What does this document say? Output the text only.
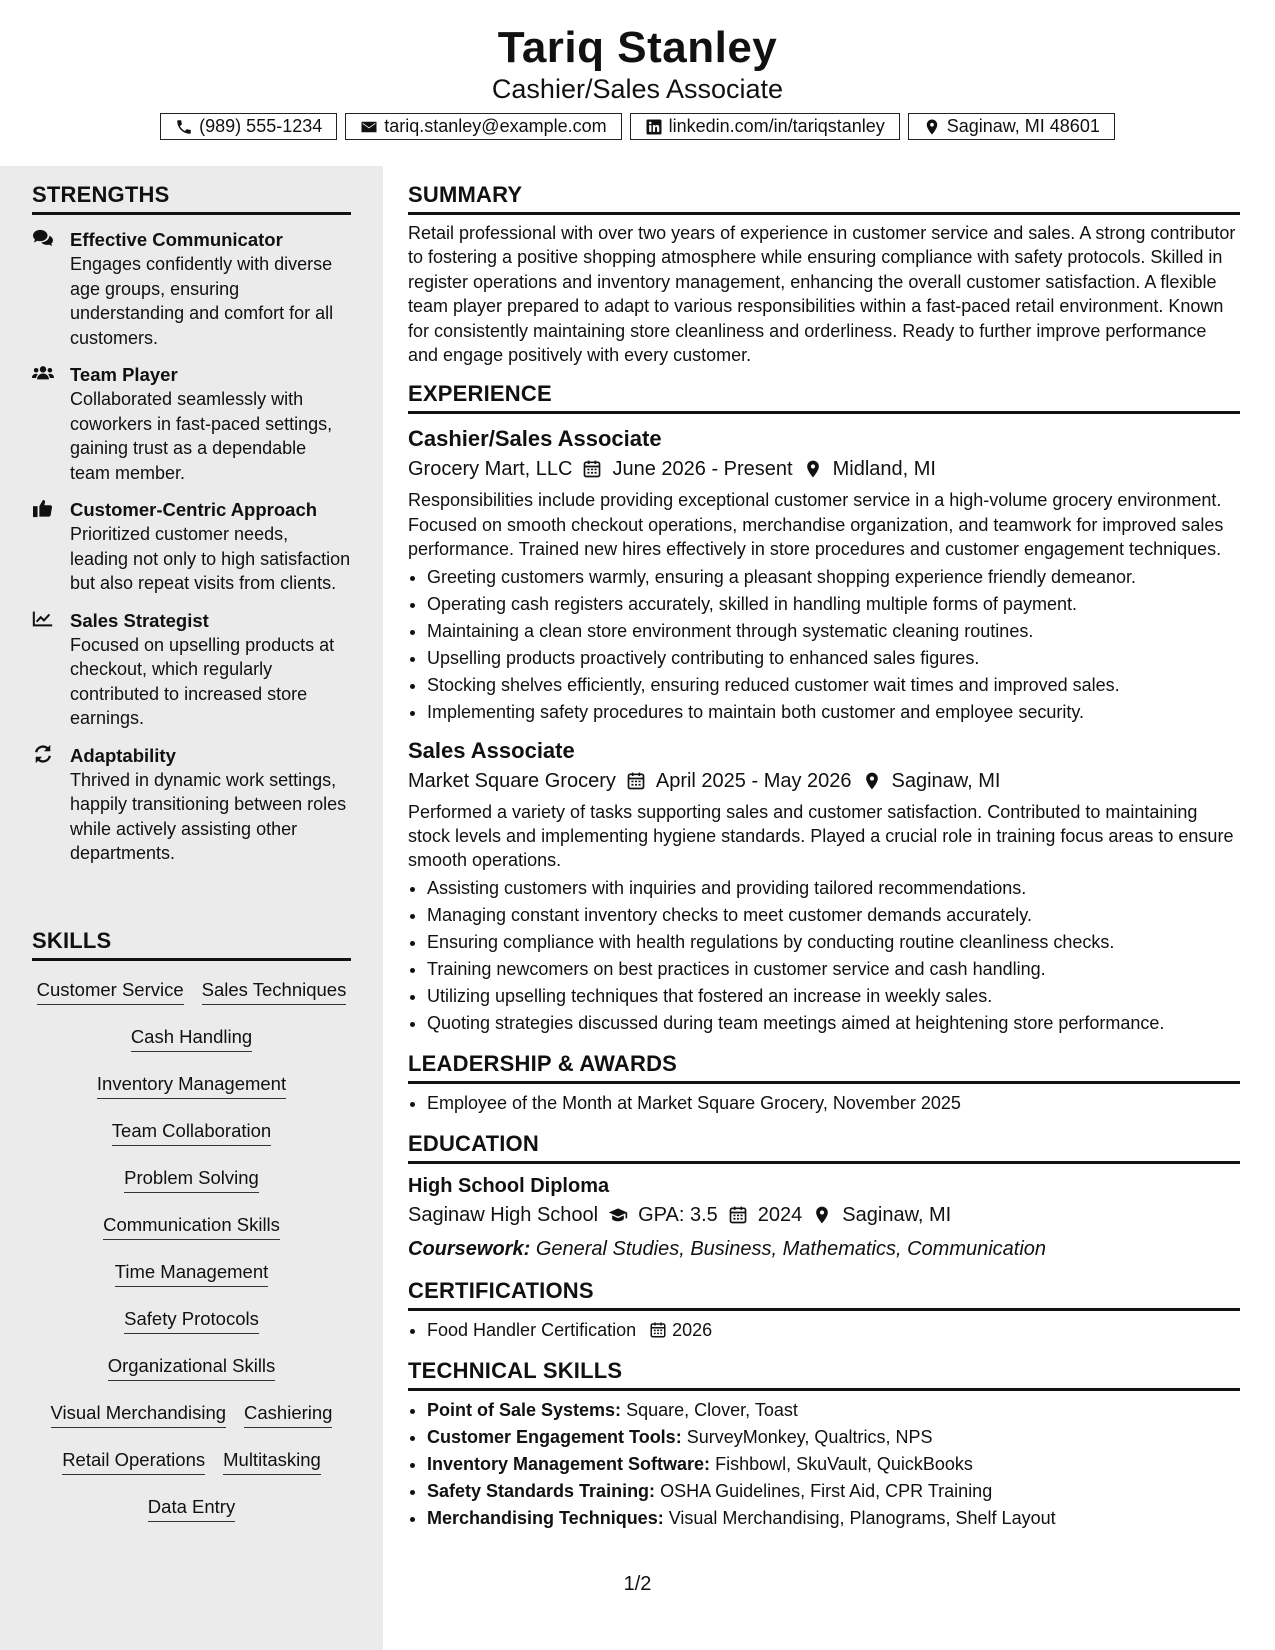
Tariq Stanley
Cashier/Sales Associate
(989) 555-1234	tariq.stanley@example.com	linkedin.com/in/tariqstanley	Saginaw, MI 48601
STRENGTHS
Effective Communicator
Engages confidently with diverse age groups, ensuring understanding and comfort for all customers.
Team Player
Collaborated seamlessly with coworkers in fast-paced settings, gaining trust as a dependable team member.
Customer-Centric Approach
Prioritized customer needs, leading not only to high satisfaction but also repeat visits from clients.
Sales Strategist
Focused on upselling products at checkout, which regularly contributed to increased store earnings.
Adaptability
Thrived in dynamic work settings, happily transitioning between roles while actively assisting other departments.
SKILLS
Customer Service Sales Techniques
Cash Handling
Inventory Management
Team Collaboration
Problem Solving
Communication Skills
Time Management
Safety Protocols
Organizational Skills
Visual Merchandising Cashiering
Retail Operations Multitasking
Data Entry
SUMMARY

Retail professional with over two years of experience in customer service and sales. A strong contributor to fostering a positive shopping atmosphere while ensuring compliance with safety protocols. Skilled in register operations and inventory management, enhancing the overall customer satisfaction. A flexible team player prepared to adapt to various responsibilities within a fast-paced retail environment. Known for consistently maintaining store cleanliness and orderliness. Ready to further improve performance and engage positively with every customer.

EXPERIENCE
Cashier/Sales Associate
Grocery Mart, LLC June 2026 - Present Midland, MI

Responsibilities include providing exceptional customer service in a high-volume grocery environment. Focused on smooth checkout operations, merchandise organization, and teamwork for improved sales performance. Trained new hires effectively in store procedures and customer engagement techniques.

• Greeting customers warmly, ensuring a pleasant shopping experience friendly demeanor.
• Operating cash registers accurately, skilled in handling multiple forms of payment.
• Maintaining a clean store environment through systematic cleaning routines.
• Upselling products proactively contributing to enhanced sales figures.
• Stocking shelves efficiently, ensuring reduced customer wait times and improved sales.
• Implementing safety procedures to maintain both customer and employee security.
Sales Associate
Market Square Grocery April 2025 - May 2026 Saginaw, MI

Performed a variety of tasks supporting sales and customer satisfaction. Contributed to maintaining stock levels and implementing hygiene standards. Played a crucial role in training focus areas to ensure smooth operations.

• Assisting customers with inquiries and providing tailored recommendations.
• Managing constant inventory checks to meet customer demands accurately.
• Ensuring compliance with health regulations by conducting routine cleanliness checks.
• Training newcomers on best practices in customer service and cash handling.
• Utilizing upselling techniques that fostered an increase in weekly sales.
• Quoting strategies discussed during team meetings aimed at heightening store performance.
LEADERSHIP & AWARDS
• Employee of the Month at Market Square Grocery, November 2025
EDUCATION
High School Diploma
Saginaw High School GPA: 3.5 2024 Saginaw, MI
Coursework: General Studies, Business, Mathematics, Communication
CERTIFICATIONS
• Food Handler Certification 2026
TECHNICAL SKILLS
• Point of Sale Systems: Square, Clover, Toast
• Customer Engagement Tools: SurveyMonkey, Qualtrics, NPS
• Inventory Management Software: Fishbowl, SkuVault, QuickBooks
• Safety Standards Training: OSHA Guidelines, First Aid, CPR Training
• Merchandising Techniques: Visual Merchandising, Planograms, Shelf Layout
1/2
